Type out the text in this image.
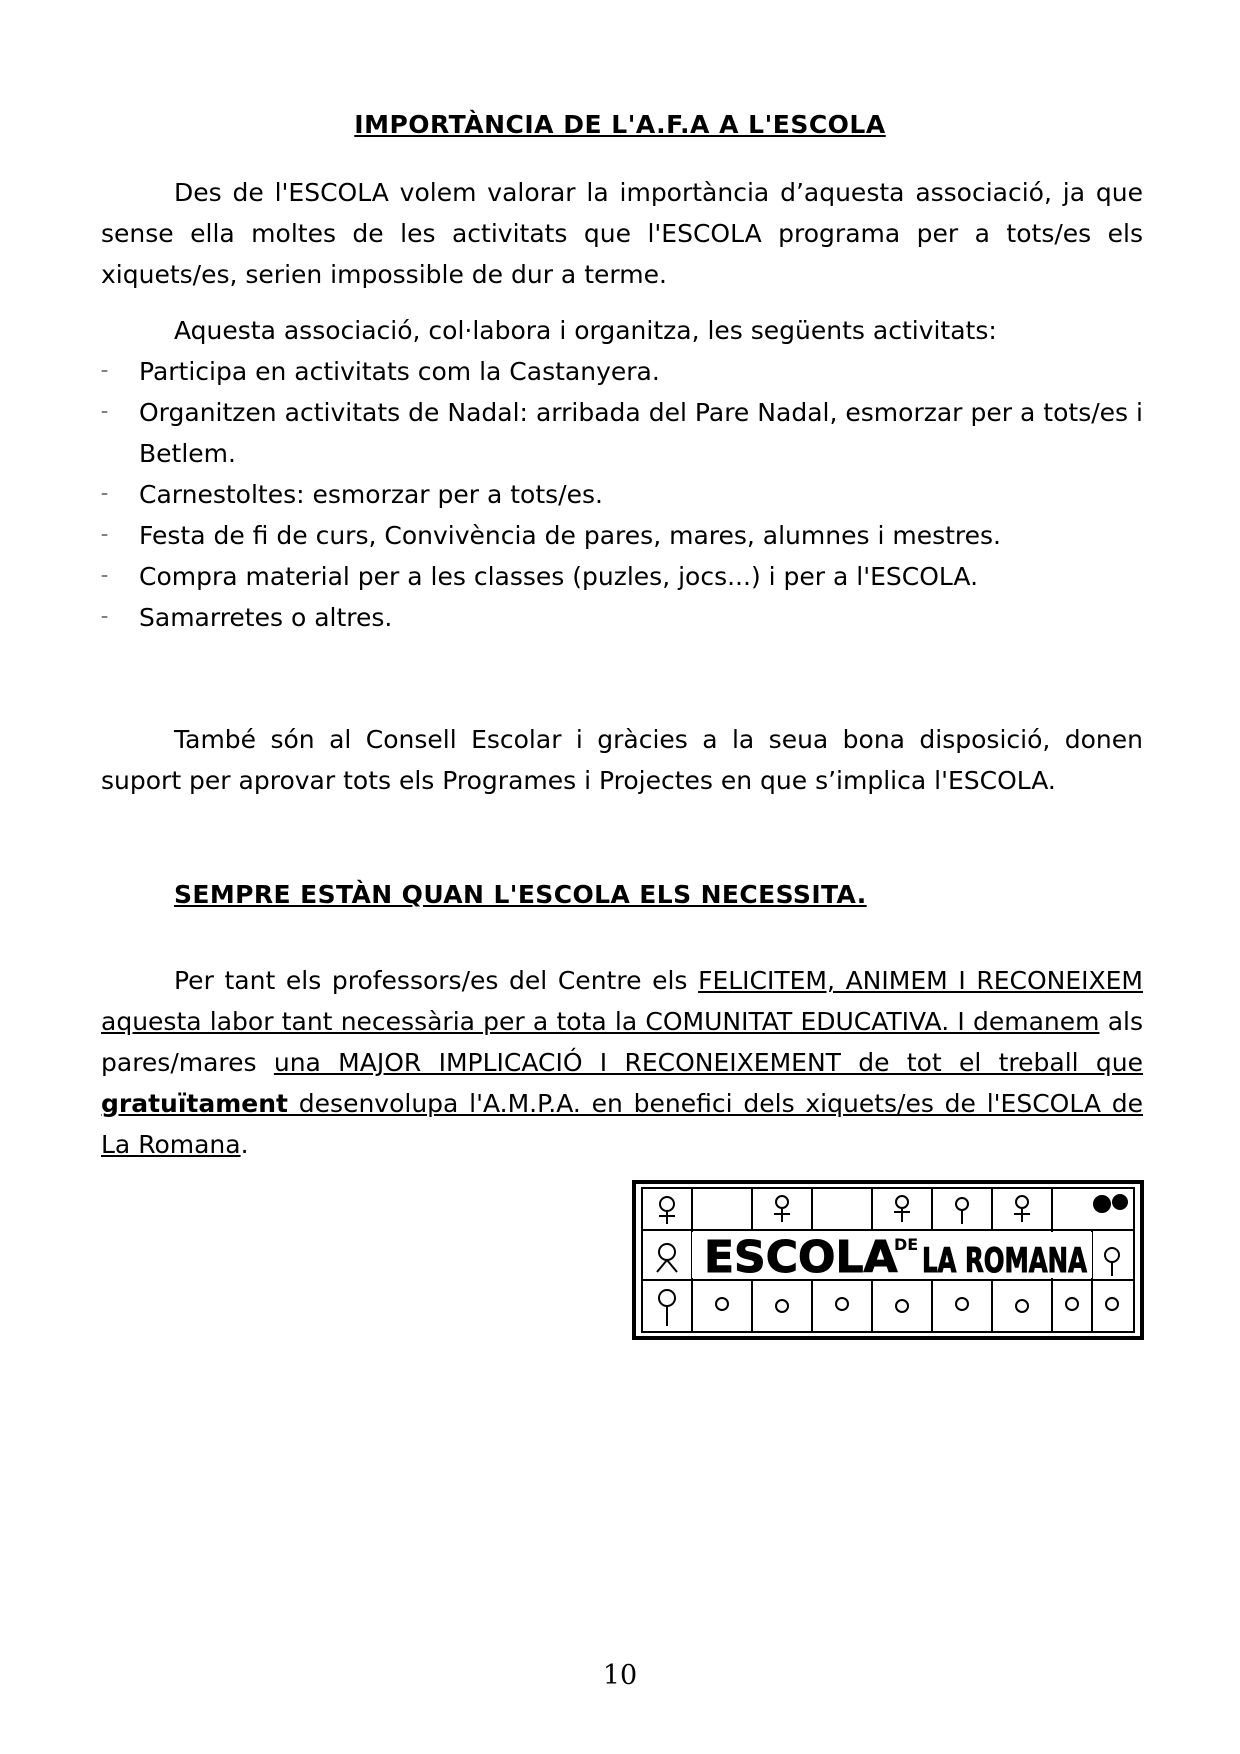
IMPORTÀNCIA DE L'A.F.A A L'ESCOLA
Des de l'ESCOLA volem valorar la importància d’aquesta associació, ja que sense ella moltes de les activitats que l'ESCOLA programa per a tots/es els xiquets/es, serien impossible de dur a terme.
Aquesta associació, col·labora i organitza, les següents activitats:
– Participa en activitats com la Castanyera.
– Organitzen activitats de Nadal: arribada del Pare Nadal, esmorzar per a tots/es i Betlem.
– Carnestoltes: esmorzar per a tots/es.
– Festa de fi de curs, Convivència de pares, mares, alumnes i mestres.
– Compra material per a les classes (puzles, jocs...) i per a l'ESCOLA.
– Samarretes o altres.
També són al Consell Escolar i gràcies a la seua bona disposició, donen suport per aprovar tots els Programes i Projectes en que s’implica l'ESCOLA.
SEMPRE ESTÀN QUAN L'ESCOLA ELS NECESSITA.
Per tant els professors/es del Centre els FELICITEM, ANIMEM I RECONEIXEM aquesta labor tant necessària per a tota la COMUNITAT EDUCATIVA. I demanem als pares/mares una MAJOR IMPLICACIÓ I RECONEIXEMENT de tot el treball que gratuïtament desenvolupa l'A.M.P.A. en benefici dels xiquets/es de l'ESCOLA de La Romana.
ESCOLA
DE LA ROMANA
10
